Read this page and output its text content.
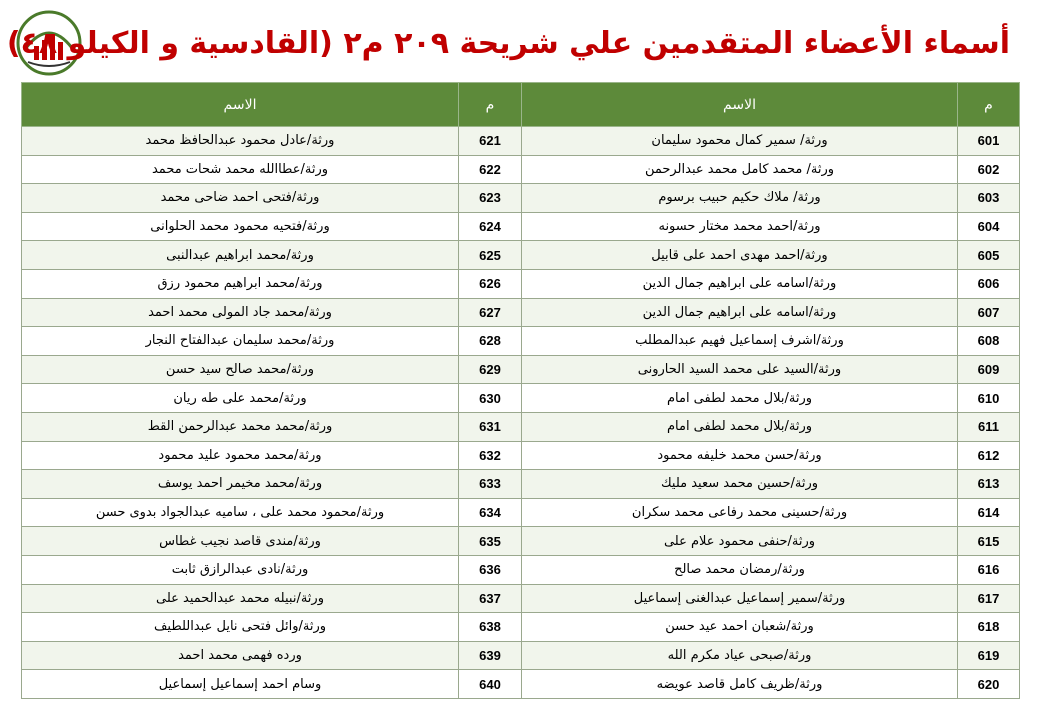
أسماء الأعضاء المتقدمين علي شريحة ٢٠٩ م٢ (القادسية و الكيلو ٤٨)
م	الاسم	م	الاسم
601	ورثة/ سمير كمال محمود سليمان	621	ورثة/عادل محمود عبدالحافظ محمد
602	ورثة/ محمد كامل محمد عبدالرحمن	622	ورثة/عطاالله محمد شحات محمد
603	ورثة/ ملاك حكيم حبيب برسوم	623	ورثة/فتحى احمد ضاحى محمد
604	ورثة/احمد محمد مختار حسونه	624	ورثة/فتحيه محمود محمد الحلوانى
605	ورثة/احمد مهدى احمد على قابيل	625	ورثة/محمد ابراهيم عبدالنبى
606	ورثة/اسامه على ابراهيم جمال الدين	626	ورثة/محمد ابراهيم محمود رزق
607	ورثة/اسامه على ابراهيم جمال الدين	627	ورثة/محمد جاد المولى محمد احمد
608	ورثة/اشرف إسماعيل فهيم عبدالمطلب	628	ورثة/محمد سليمان عبدالفتاح النجار
609	ورثة/السيد على محمد السيد الحارونى	629	ورثة/محمد صالح سيد حسن
610	ورثة/بلال محمد لطفى امام	630	ورثة/محمد على طه ريان
611	ورثة/بلال محمد لطفى امام	631	ورثة/محمد محمد عبدالرحمن القط
612	ورثة/حسن محمد خليفه محمود	632	ورثة/محمد محمود عليد محمود
613	ورثة/حسين محمد سعيد مليك	633	ورثة/محمد مخيمر احمد يوسف
614	ورثة/حسينى محمد رفاعى محمد سكران	634	ورثة/محمود محمد على ، ساميه عبدالجواد بدوى حسن
615	ورثة/حنفى محمود علام على	635	ورثة/مندى قاصد نجيب غطاس
616	ورثة/رمضان محمد صالح	636	ورثة/نادى عبدالرازق ثابت
617	ورثة/سمير إسماعيل عبدالغنى إسماعيل	637	ورثة/نبيله محمد عبدالحميد على
618	ورثة/شعبان احمد عيد حسن	638	ورثة/وائل فتحى نايل عبداللطيف
619	ورثة/صبحى عياد مكرم الله	639	ورده فهمى محمد احمد
620	ورثة/ظريف كامل قاصد عويضه	640	وسام احمد إسماعيل إسماعيل
